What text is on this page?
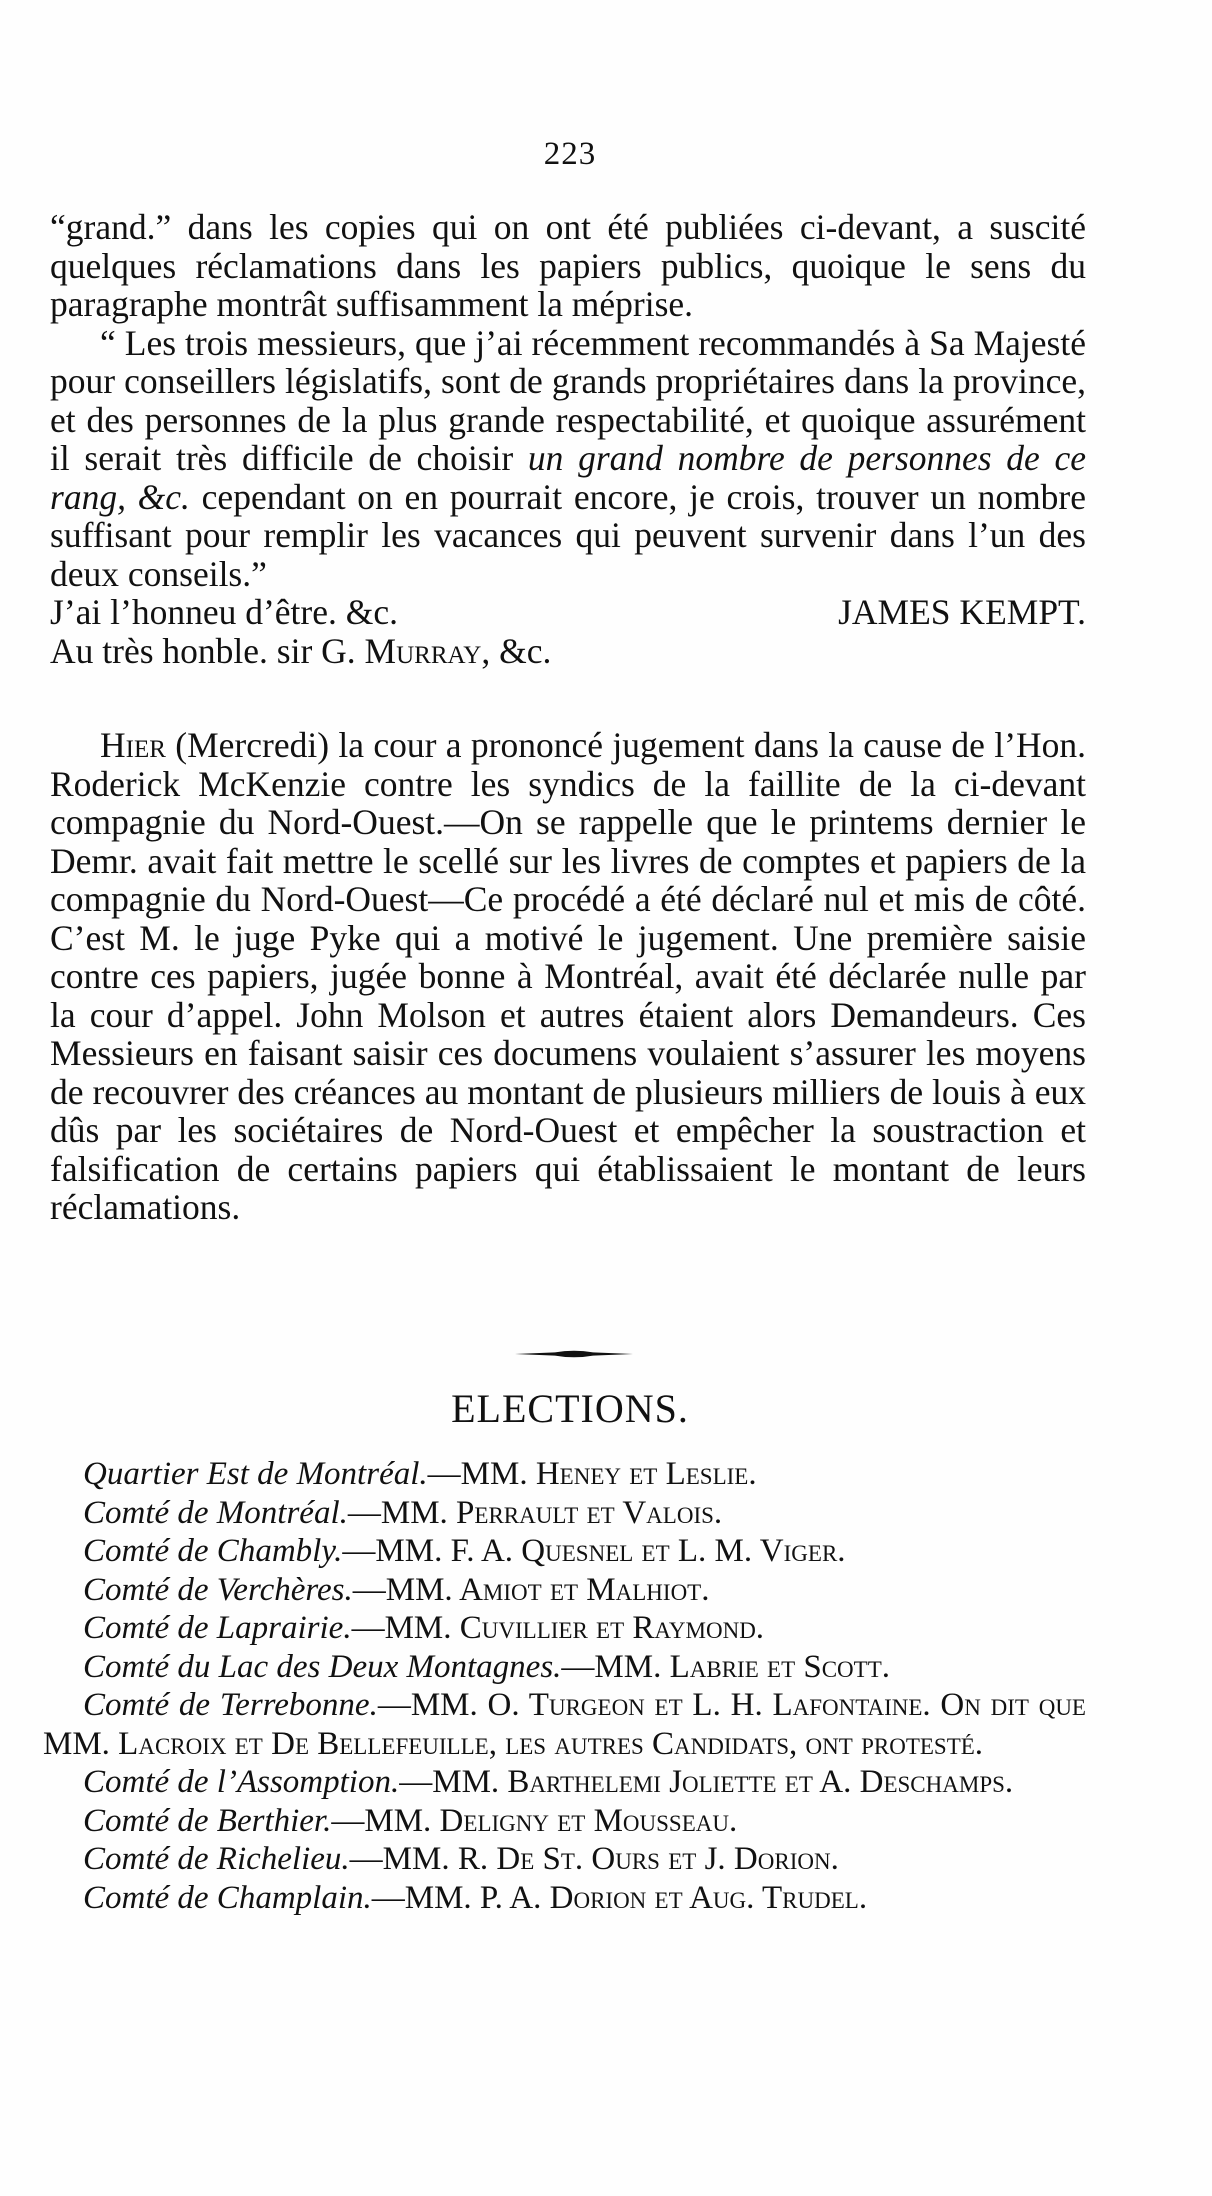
223

“grand.” dans les copies qui on ont été publiées ci-devant, a suscité quelques réclamations dans les papiers publics, quoique le sens du paragraphe montrât suffisamment la méprise.

“ Les trois messieurs, que j’ai récemment recommandés à Sa Majesté pour conseillers législatifs, sont de grands propriétaires dans la province, et des personnes de la plus grande respectabilité, et quoique assurément il serait très difficile de choisir un grand nombre de personnes de ce rang, &c. cependant on en pourrait encore, je crois, trouver un nombre suffisant pour remplir les vacances qui peuvent survenir dans l’un des deux conseils.”

J’ai l’honneu d’être. &c.	JAMES KEMPT.

Au très honble. sir G. Murray, &c.

Hier (Mercredi) la cour a prononcé jugement dans la cause de l’Hon. Roderick McKenzie contre les syndics de la faillite de la ci-devant compagnie du Nord-Ouest.—On se rappelle que le printems dernier le Demr. avait fait mettre le scellé sur les livres de comptes et papiers de la compagnie du Nord-Ouest—Ce procédé a été déclaré nul et mis de côté. C’est M. le juge Pyke qui a motivé le jugement. Une première saisie contre ces papiers, jugée bonne à Montréal, avait été déclarée nulle par la cour d’appel. John Molson et autres étaient alors Demandeurs. Ces Messieurs en faisant saisir ces documens voulaient s’assurer les moyens de recouvrer des créances au montant de plusieurs milliers de louis à eux dûs par les sociétaires de Nord-Ouest et empêcher la soustraction et falsification de certains papiers qui établissaient le montant de leurs réclamations.

ELECTIONS.

Quartier Est de Montréal.—MM. Heney et Leslie.

Comté de Montréal.—MM. Perrault et Valois.

Comté de Chambly.—MM. F. A. Quesnel et L. M. Viger.

Comté de Verchères.—MM. Amiot et Malhiot.

Comté de Laprairie.—MM. Cuvillier et Raymond.

Comté du Lac des Deux Montagnes.—MM. Labrie et Scott.

Comté de Terrebonne.—MM. O. Turgeon et L. H. Lafontaine. On dit que MM. Lacroix et De Bellefeuille, les autres Candidats, ont protesté.

Comté de l’Assomption.—MM. Barthelemi Joliette et A. Deschamps.

Comté de Berthier.—MM. Deligny et Mousseau.

Comté de Richelieu.—MM. R. De St. Ours et J. Dorion.

Comté de Champlain.—MM. P. A. Dorion et Aug. Trudel.
